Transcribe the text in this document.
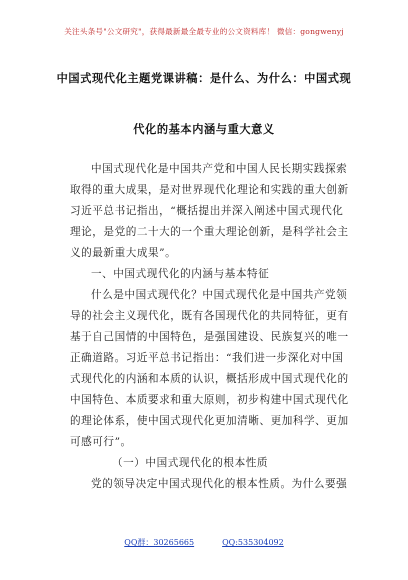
关注头条号"公文研究"，获得最新最全最专业的公文资料库！ 微信：gongwenyj
中国式现代化主题党课讲稿：是什么、为什么：中国式现
代化的基本内涵与重大意义
中国式现代化是中国共产党和中国人民长期实践探索
取得的重大成果，是对世界现代化理论和实践的重大创新
习近平总书记指出，“概括提出并深入阐述中国式现代化
理论，是党的二十大的一个重大理论创新，是科学社会主
义的最新重大成果”。
一、中国式现代化的内涵与基本特征
什么是中国式现代化？中国式现代化是中国共产党领
导的社会主义现代化，既有各国现代化的共同特征，更有
基于自己国情的中国特色，是强国建设、民族复兴的唯一
正确道路。习近平总书记指出：“我们进一步深化对中国
式现代化的内涵和本质的认识，概括形成中国式现代化的
中国特色、本质要求和重大原则，初步构建中国式现代化
的理论体系，使中国式现代化更加清晰、更加科学、更加
可感可行”。
（一）中国式现代化的根本性质
党的领导决定中国式现代化的根本性质。为什么要强
QQ群：30265665	QQ:535304092
